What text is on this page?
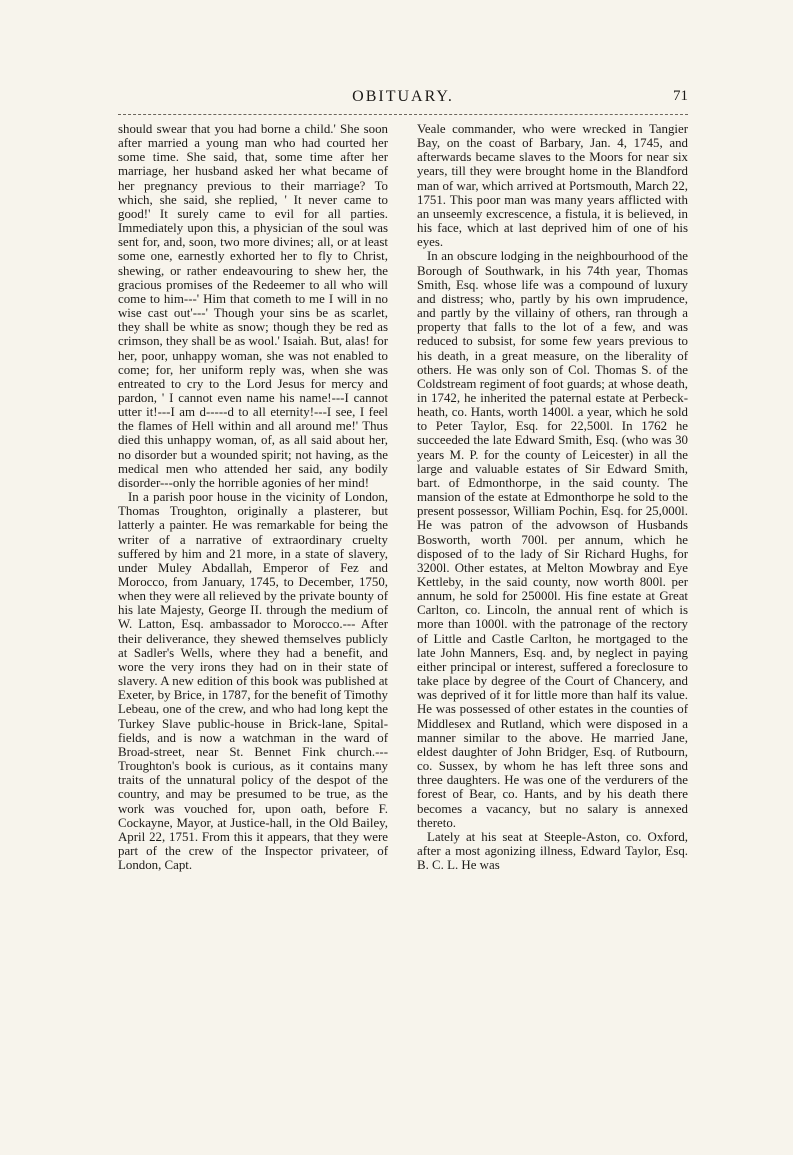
OBITUARY.	71

should swear that you had borne a child.' She soon after married a young man who had courted her some time. She said, that, some time after her marriage, her husband asked her what became of her pregnancy previous to their marriage? To which, she said, she replied, ' It never came to good!' It surely came to evil for all parties. Immediately upon this, a physician of the soul was sent for, and, soon, two more divines; all, or at least some one, earnestly exhorted her to fly to Christ, shewing, or rather endeavouring to shew her, the gracious promises of the Redeemer to all who will come to him---' Him that cometh to me I will in no wise cast out'---' Though your sins be as scarlet, they shall be white as snow; though they be red as crimson, they shall be as wool.' Isaiah. But, alas! for her, poor, unhappy woman, she was not enabled to come; for, her uniform reply was, when she was entreated to cry to the Lord Jesus for mercy and pardon, ' I cannot even name his name!---I cannot utter it!---I am d-----d to all eternity!---I see, I feel the flames of Hell within and all around me!' Thus died this unhappy woman, of, as all said about her, no disorder but a wounded spirit; not having, as the medical men who attended her said, any bodily disorder---only the horrible agonies of her mind!

In a parish poor house in the vicinity of London, Thomas Troughton, originally a plasterer, but latterly a painter. He was remarkable for being the writer of a narrative of extraordinary cruelty suffered by him and 21 more, in a state of slavery, under Muley Abdallah, Emperor of Fez and Morocco, from January, 1745, to December, 1750, when they were all relieved by the private bounty of his late Majesty, George II. through the medium of W. Latton, Esq. ambassador to Morocco.--- After their deliverance, they shewed themselves publicly at Sadler's Wells, where they had a benefit, and wore the very irons they had on in their state of slavery. A new edition of this book was published at Exeter, by Brice, in 1787, for the benefit of Timothy Lebeau, one of the crew, and who had long kept the Turkey Slave public-house in Brick-lane, Spital-fields, and is now a watchman in the ward of Broad-street, near St. Bennet Fink church.--- Troughton's book is curious, as it contains many traits of the unnatural policy of the despot of the country, and may be presumed to be true, as the work was vouched for, upon oath, before F. Cockayne, Mayor, at Justice-hall, in the Old Bailey, April 22, 1751. From this it appears, that they were part of the crew of the Inspector privateer, of London, Capt.

Veale commander, who were wrecked in Tangier Bay, on the coast of Barbary, Jan. 4, 1745, and afterwards became slaves to the Moors for near six years, till they were brought home in the Blandford man of war, which arrived at Portsmouth, March 22, 1751. This poor man was many years afflicted with an unseemly excrescence, a fistula, it is believed, in his face, which at last deprived him of one of his eyes.

In an obscure lodging in the neighbourhood of the Borough of Southwark, in his 74th year, Thomas Smith, Esq. whose life was a compound of luxury and distress; who, partly by his own imprudence, and partly by the villainy of others, ran through a property that falls to the lot of a few, and was reduced to subsist, for some few years previous to his death, in a great measure, on the liberality of others. He was only son of Col. Thomas S. of the Coldstream regiment of foot guards; at whose death, in 1742, he inherited the paternal estate at Perbeck-heath, co. Hants, worth 1400l. a year, which he sold to Peter Taylor, Esq. for 22,500l. In 1762 he succeeded the late Edward Smith, Esq. (who was 30 years M. P. for the county of Leicester) in all the large and valuable estates of Sir Edward Smith, bart. of Edmonthorpe, in the said county. The mansion of the estate at Edmonthorpe he sold to the present possessor, William Pochin, Esq. for 25,000l. He was patron of the advowson of Husbands Bosworth, worth 700l. per annum, which he disposed of to the lady of Sir Richard Hughs, for 3200l. Other estates, at Melton Mowbray and Eye Kettleby, in the said county, now worth 800l. per annum, he sold for 25000l. His fine estate at Great Carlton, co. Lincoln, the annual rent of which is more than 1000l. with the patronage of the rectory of Little and Castle Carlton, he mortgaged to the late John Manners, Esq. and, by neglect in paying either principal or interest, suffered a foreclosure to take place by degree of the Court of Chancery, and was deprived of it for little more than half its value. He was possessed of other estates in the counties of Middlesex and Rutland, which were disposed in a manner similar to the above. He married Jane, eldest daughter of John Bridger, Esq. of Rutbourn, co. Sussex, by whom he has left three sons and three daughters. He was one of the verdurers of the forest of Bear, co. Hants, and by his death there becomes a vacancy, but no salary is annexed thereto.

Lately at his seat at Steeple-Aston, co. Oxford, after a most agonizing illness, Edward Taylor, Esq. B. C. L. He was
